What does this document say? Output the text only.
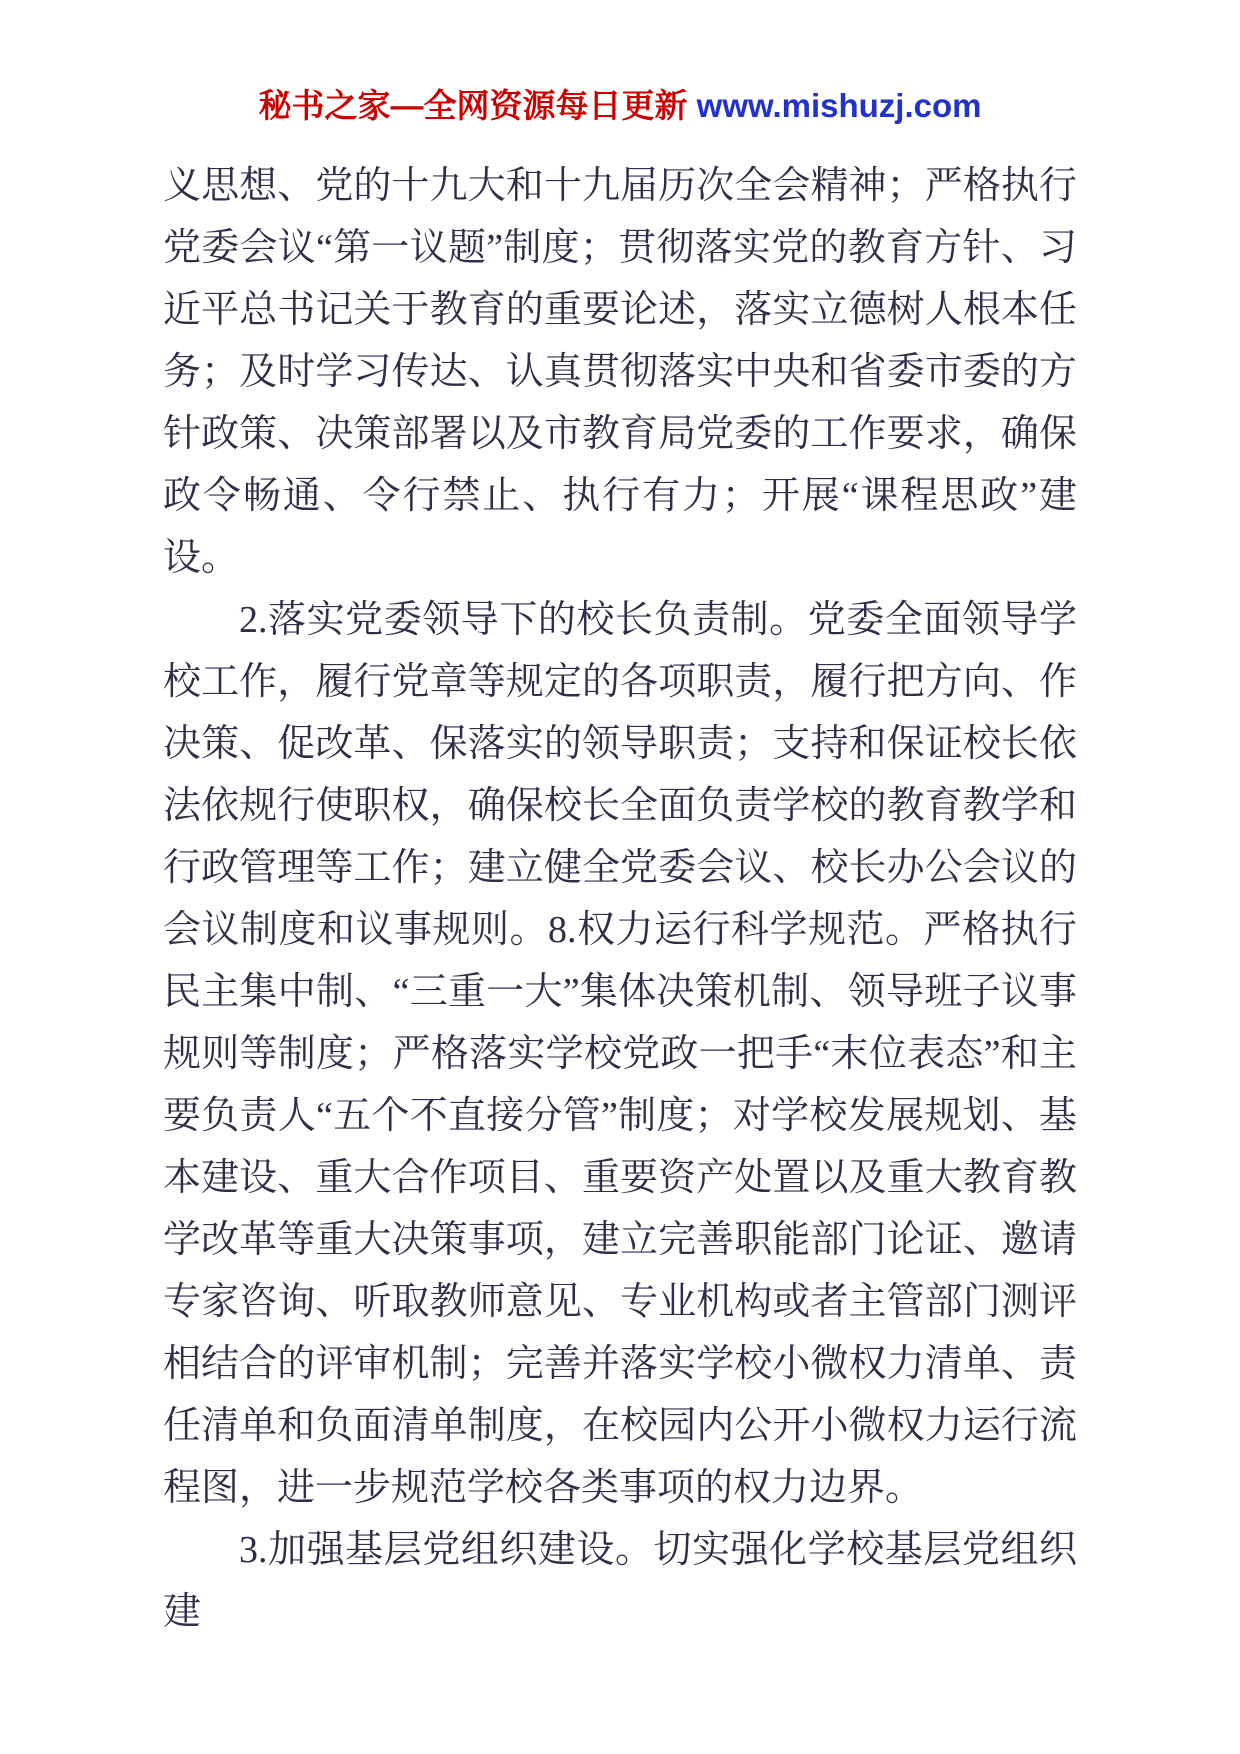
秘书之家—全网资源每日更新 www.mishuzj.com

义思想、党的十九大和十九届历次全会精神；严格执行党委会议“第一议题”制度；贯彻落实党的教育方针、习近平总书记关于教育的重要论述，落实立德树人根本任务；及时学习传达、认真贯彻落实中央和省委市委的方针政策、决策部署以及市教育局党委的工作要求，确保政令畅通、令行禁止、执行有力；开展“课程思政”建设。

2.落实党委领导下的校长负责制。党委全面领导学校工作，履行党章等规定的各项职责，履行把方向、作决策、促改革、保落实的领导职责；支持和保证校长依法依规行使职权，确保校长全面负责学校的教育教学和行政管理等工作；建立健全党委会议、校长办公会议的会议制度和议事规则。8.权力运行科学规范。严格执行民主集中制、“三重一大”集体决策机制、领导班子议事规则等制度；严格落实学校党政一把手“末位表态”和主要负责人“五个不直接分管”制度；对学校发展规划、基本建设、重大合作项目、重要资产处置以及重大教育教学改革等重大决策事项，建立完善职能部门论证、邀请专家咨询、听取教师意见、专业机构或者主管部门测评相结合的评审机制；完善并落实学校小微权力清单、责任清单和负面清单制度，在校园内公开小微权力运行流程图，进一步规范学校各类事项的权力边界。

3.加强基层党组织建设。切实强化学校基层党组织建
